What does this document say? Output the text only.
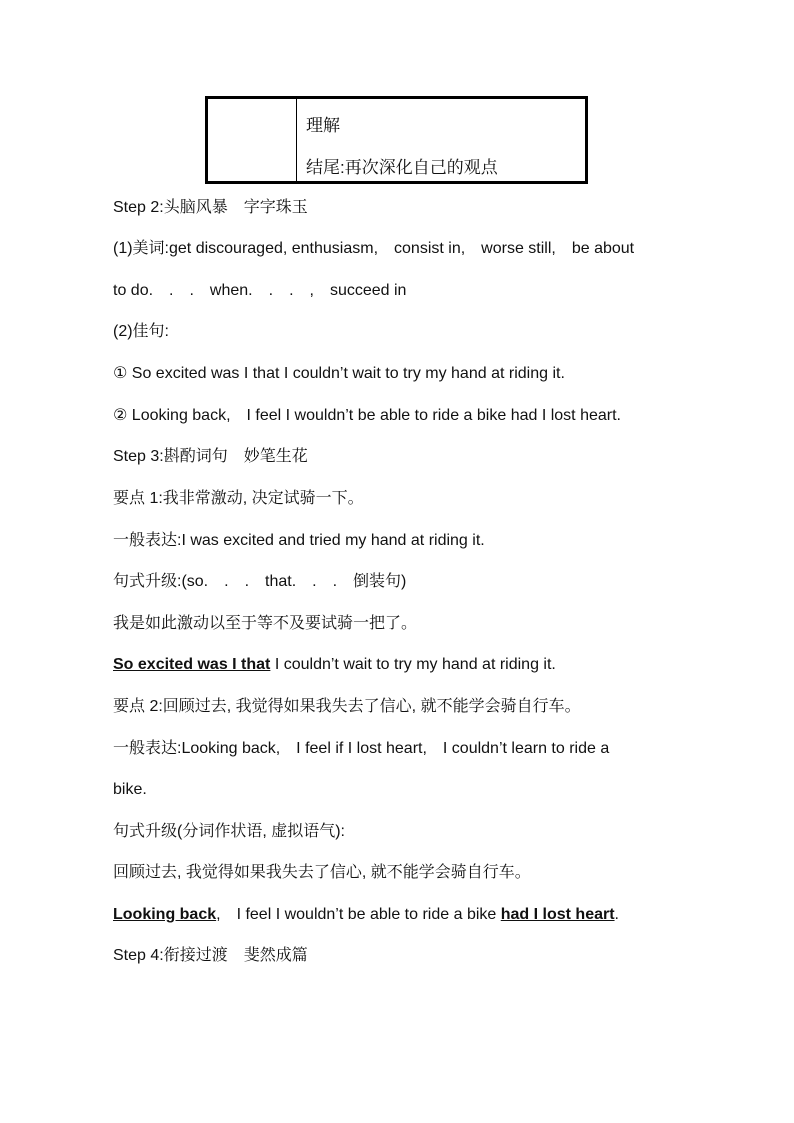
理解
结尾:再次深化自己的观点
Step 2:头脑风暴　字字珠玉
(1)美词:get discouraged, enthusiasm,　consist in,　worse still,　be about
to do.　.　.　when.　.　.　,　succeed in
(2)佳句:
① So excited was I that I couldn’t wait to try my hand at riding it.
② Looking back,　I feel I wouldn’t be able to ride a bike had I lost heart.
Step 3:斟酌词句　妙笔生花
要点 1:我非常激动, 决定试骑一下。
一般表达:I was excited and tried my hand at riding it.
句式升级:(so.　.　.　that.　.　.　倒装句)
我是如此激动以至于等不及要试骑一把了。
So excited was I that I couldn’t wait to try my hand at riding it.
要点 2:回顾过去, 我觉得如果我失去了信心, 就不能学会骑自行车。
一般表达:Looking back,　I feel if I lost heart,　I couldn’t learn to ride a
bike.
句式升级(分词作状语, 虚拟语气):
回顾过去, 我觉得如果我失去了信心, 就不能学会骑自行车。
Looking back,　I feel I wouldn’t be able to ride a bike had I lost heart.
Step 4:衔接过渡　斐然成篇
